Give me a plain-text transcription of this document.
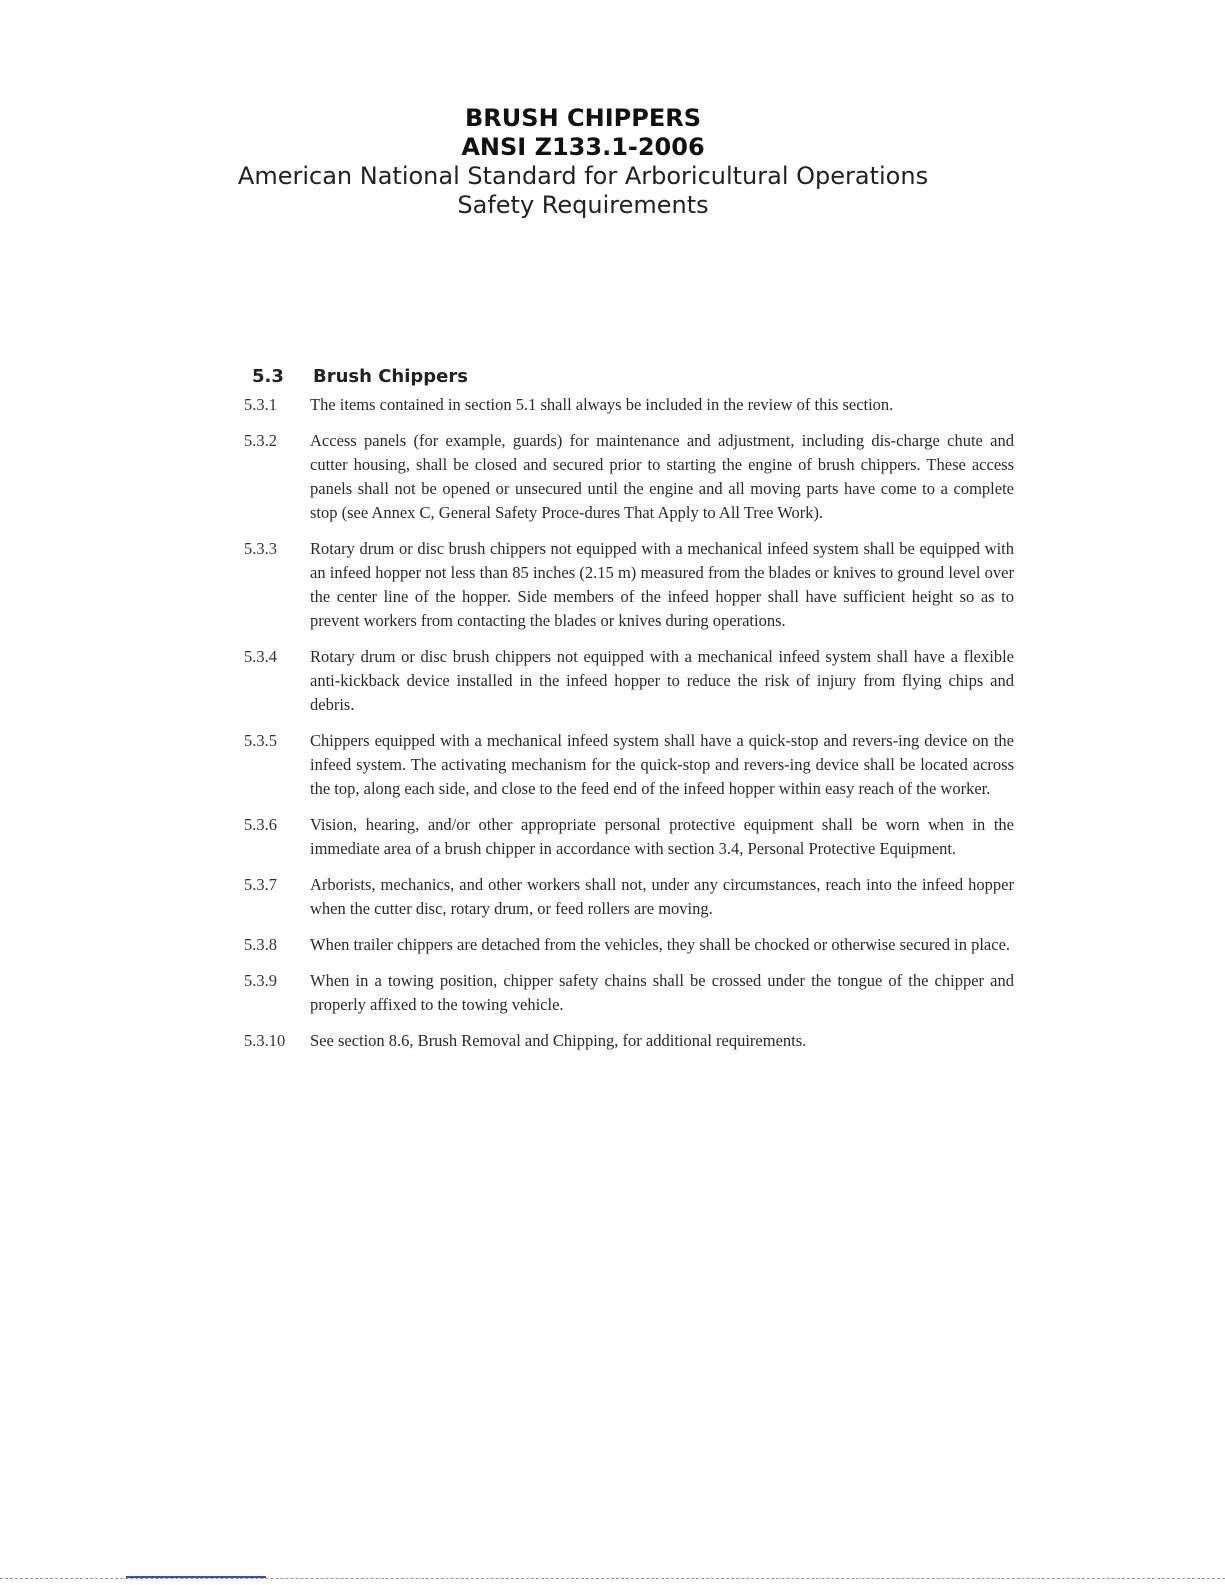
BRUSH CHIPPERS
ANSI Z133.1-2006
American National Standard for Arboricultural Operations
Safety Requirements
5.3 Brush Chippers
5.3.1	The items contained in section 5.1 shall always be included in the review of this section.
5.3.2	Access panels (for example, guards) for maintenance and adjustment, including dis-charge chute and cutter housing, shall be closed and secured prior to starting the engine of brush chippers. These access panels shall not be opened or unsecured until the engine and all moving parts have come to a complete stop (see Annex C, General Safety Proce-dures That Apply to All Tree Work).
5.3.3	Rotary drum or disc brush chippers not equipped with a mechanical infeed system shall be equipped with an infeed hopper not less than 85 inches (2.15 m) measured from the blades or knives to ground level over the center line of the hopper. Side members of the infeed hopper shall have sufficient height so as to prevent workers from contacting the blades or knives during operations.
5.3.4	Rotary drum or disc brush chippers not equipped with a mechanical infeed system shall have a flexible anti-kickback device installed in the infeed hopper to reduce the risk of injury from flying chips and debris.
5.3.5	Chippers equipped with a mechanical infeed system shall have a quick-stop and revers-ing device on the infeed system. The activating mechanism for the quick-stop and revers-ing device shall be located across the top, along each side, and close to the feed end of the infeed hopper within easy reach of the worker.
5.3.6	Vision, hearing, and/or other appropriate personal protective equipment shall be worn when in the immediate area of a brush chipper in accordance with section 3.4, Personal Protective Equipment.
5.3.7	Arborists, mechanics, and other workers shall not, under any circumstances, reach into the infeed hopper when the cutter disc, rotary drum, or feed rollers are moving.
5.3.8	When trailer chippers are detached from the vehicles, they shall be chocked or otherwise secured in place.
5.3.9	When in a towing position, chipper safety chains shall be crossed under the tongue of the chipper and properly affixed to the towing vehicle.
5.3.10	See section 8.6, Brush Removal and Chipping, for additional requirements.
